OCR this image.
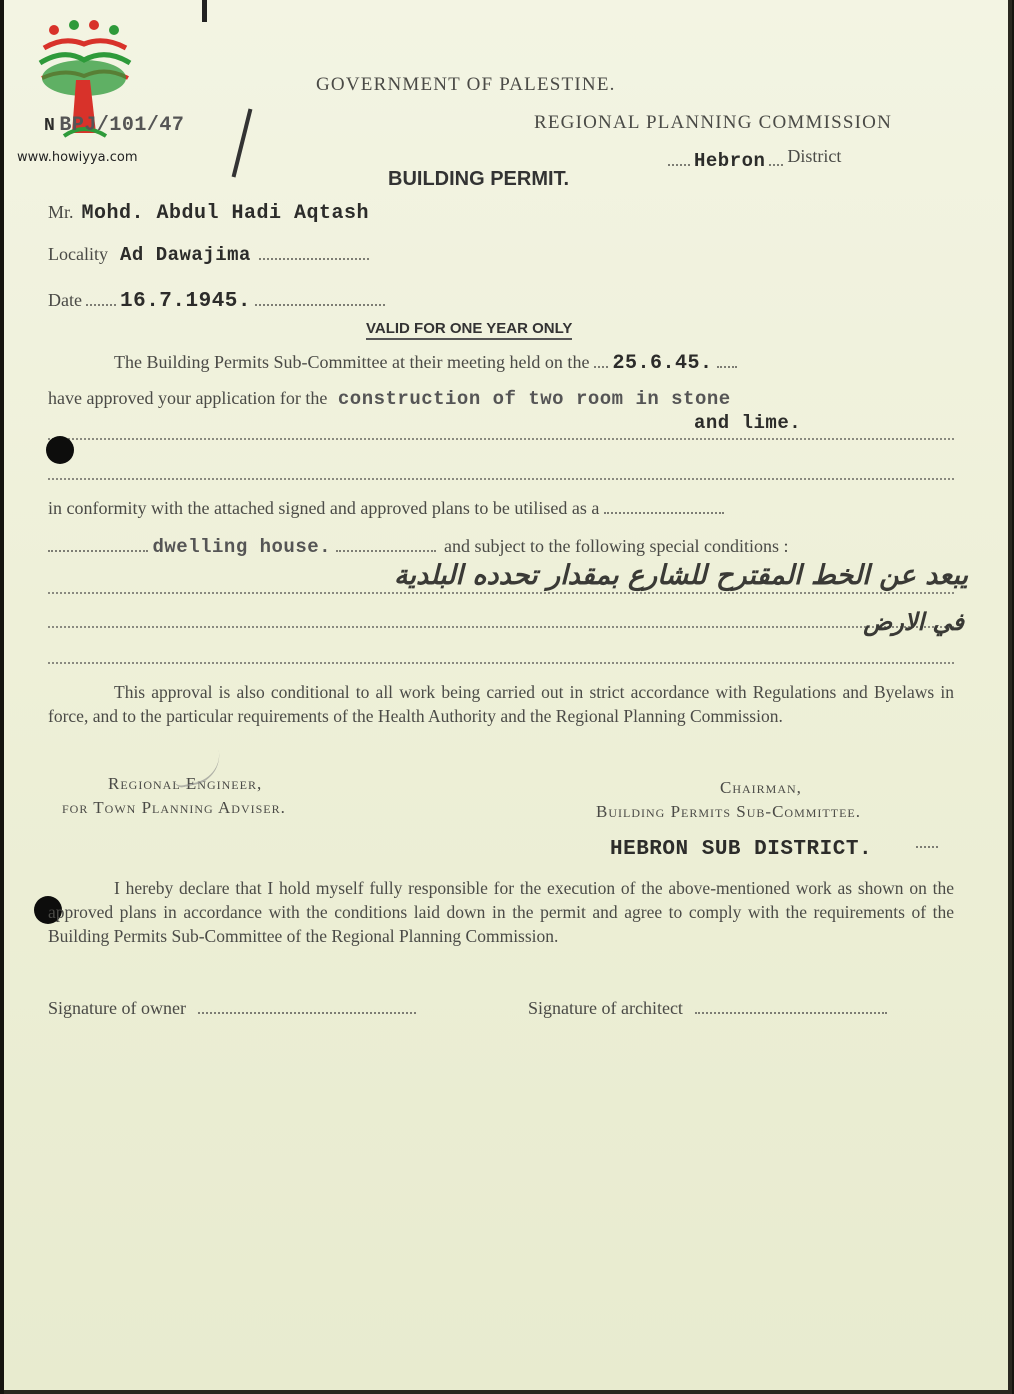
www.howiyya.com
GOVERNMENT OF PALESTINE.
REGIONAL PLANNING COMMISSION
N BPJ/101/47
Hebron District
BUILDING PERMIT.
Mr. Mohd. Abdul Hadi Aqtash
Locality Ad Dawajima
Date 16.7.1945.
VALID FOR ONE YEAR ONLY
The Building Permits Sub-Committee at their meeting held on the 25.6.45.
have approved your application for the construction of two room in stone
and lime.
in conformity with the attached signed and approved plans to be utilised as a
dwelling house.	and subject to the following special conditions :
يبعد عن الخط المقترح للشارع بمقدار تحدده البلدية
في الارض
This approval is also conditional to all work being carried out in strict accordance with Regulations and Byelaws in force, and to the particular requirements of the Health Authority and the Regional Planning Commission.
Regional Engineer,
for Town Planning Adviser.
Chairman,
Building Permits Sub-Committee.
HEBRON SUB DISTRICT.
I hereby declare that I hold myself fully responsible for the execution of the above-mentioned work as shown on the approved plans in accordance with the conditions laid down in the permit and agree to comply with the requirements of the Building Permits Sub-Committee of the Regional Planning Commission.
Signature of owner	Signature of architect
